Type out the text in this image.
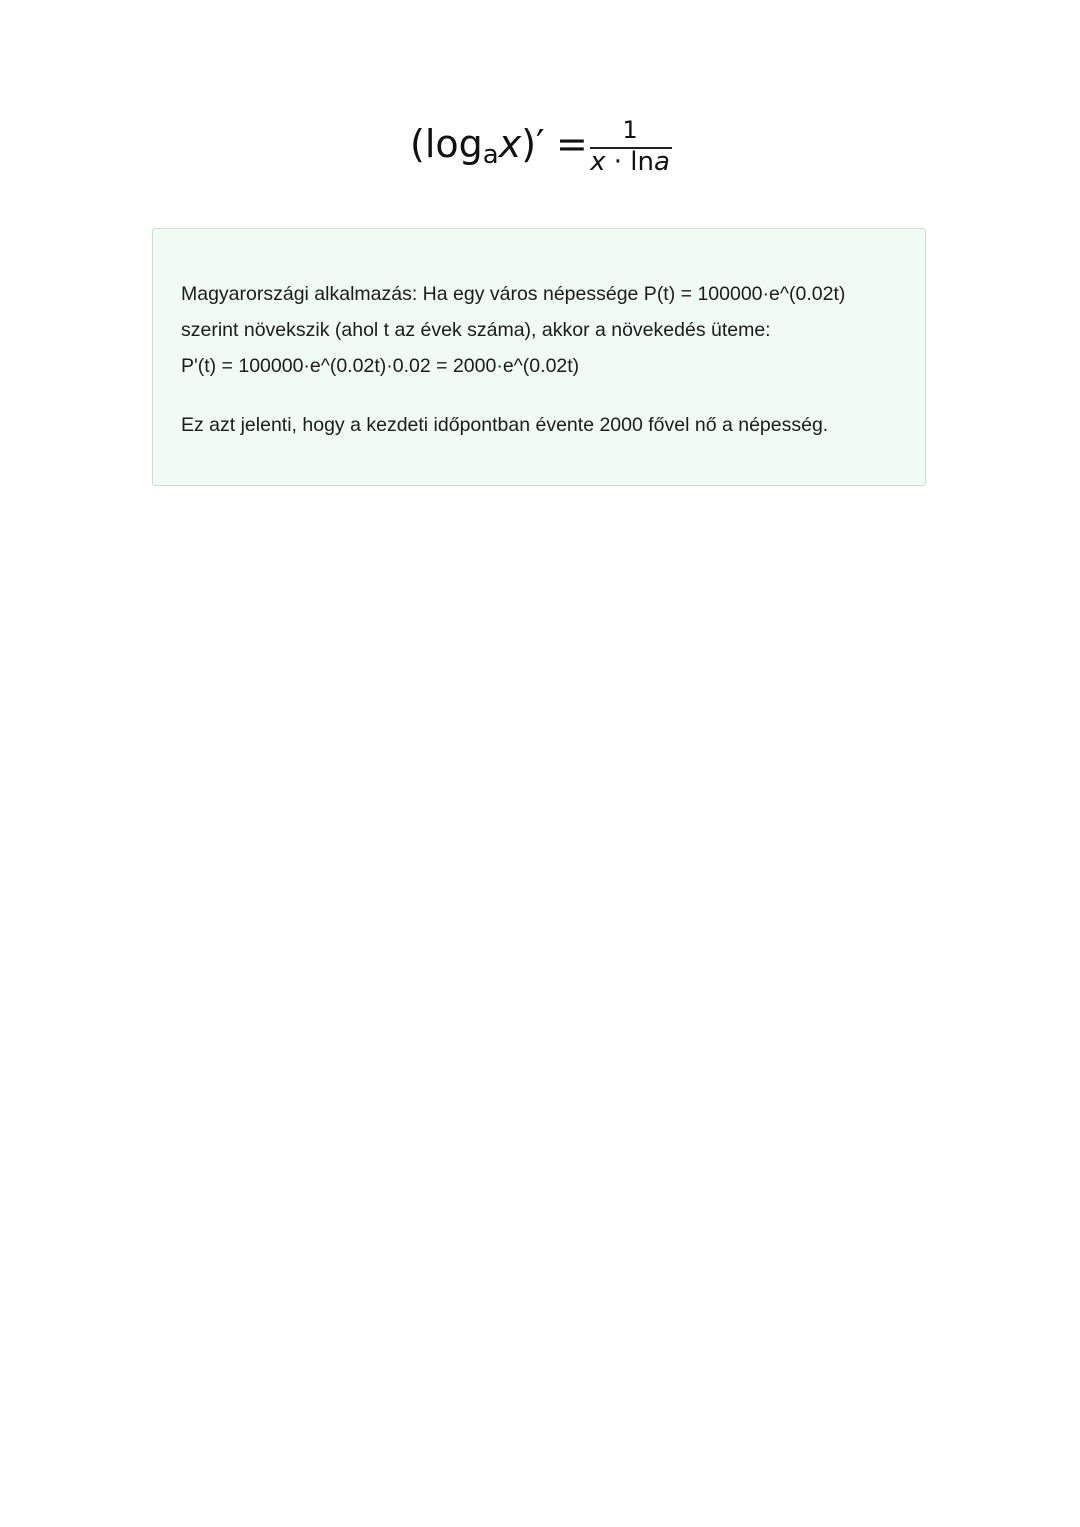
(logax)′ =	1
x · lna

Magyarországi alkalmazás: Ha egy város népessége P(t) = 100000·e^(0.02t)

szerint növekszik (ahol t az évek száma), akkor a növekedés üteme:

P'(t) = 100000·e^(0.02t)·0.02 = 2000·e^(0.02t)

Ez azt jelenti, hogy a kezdeti időpontban évente 2000 fővel nő a népesség.
